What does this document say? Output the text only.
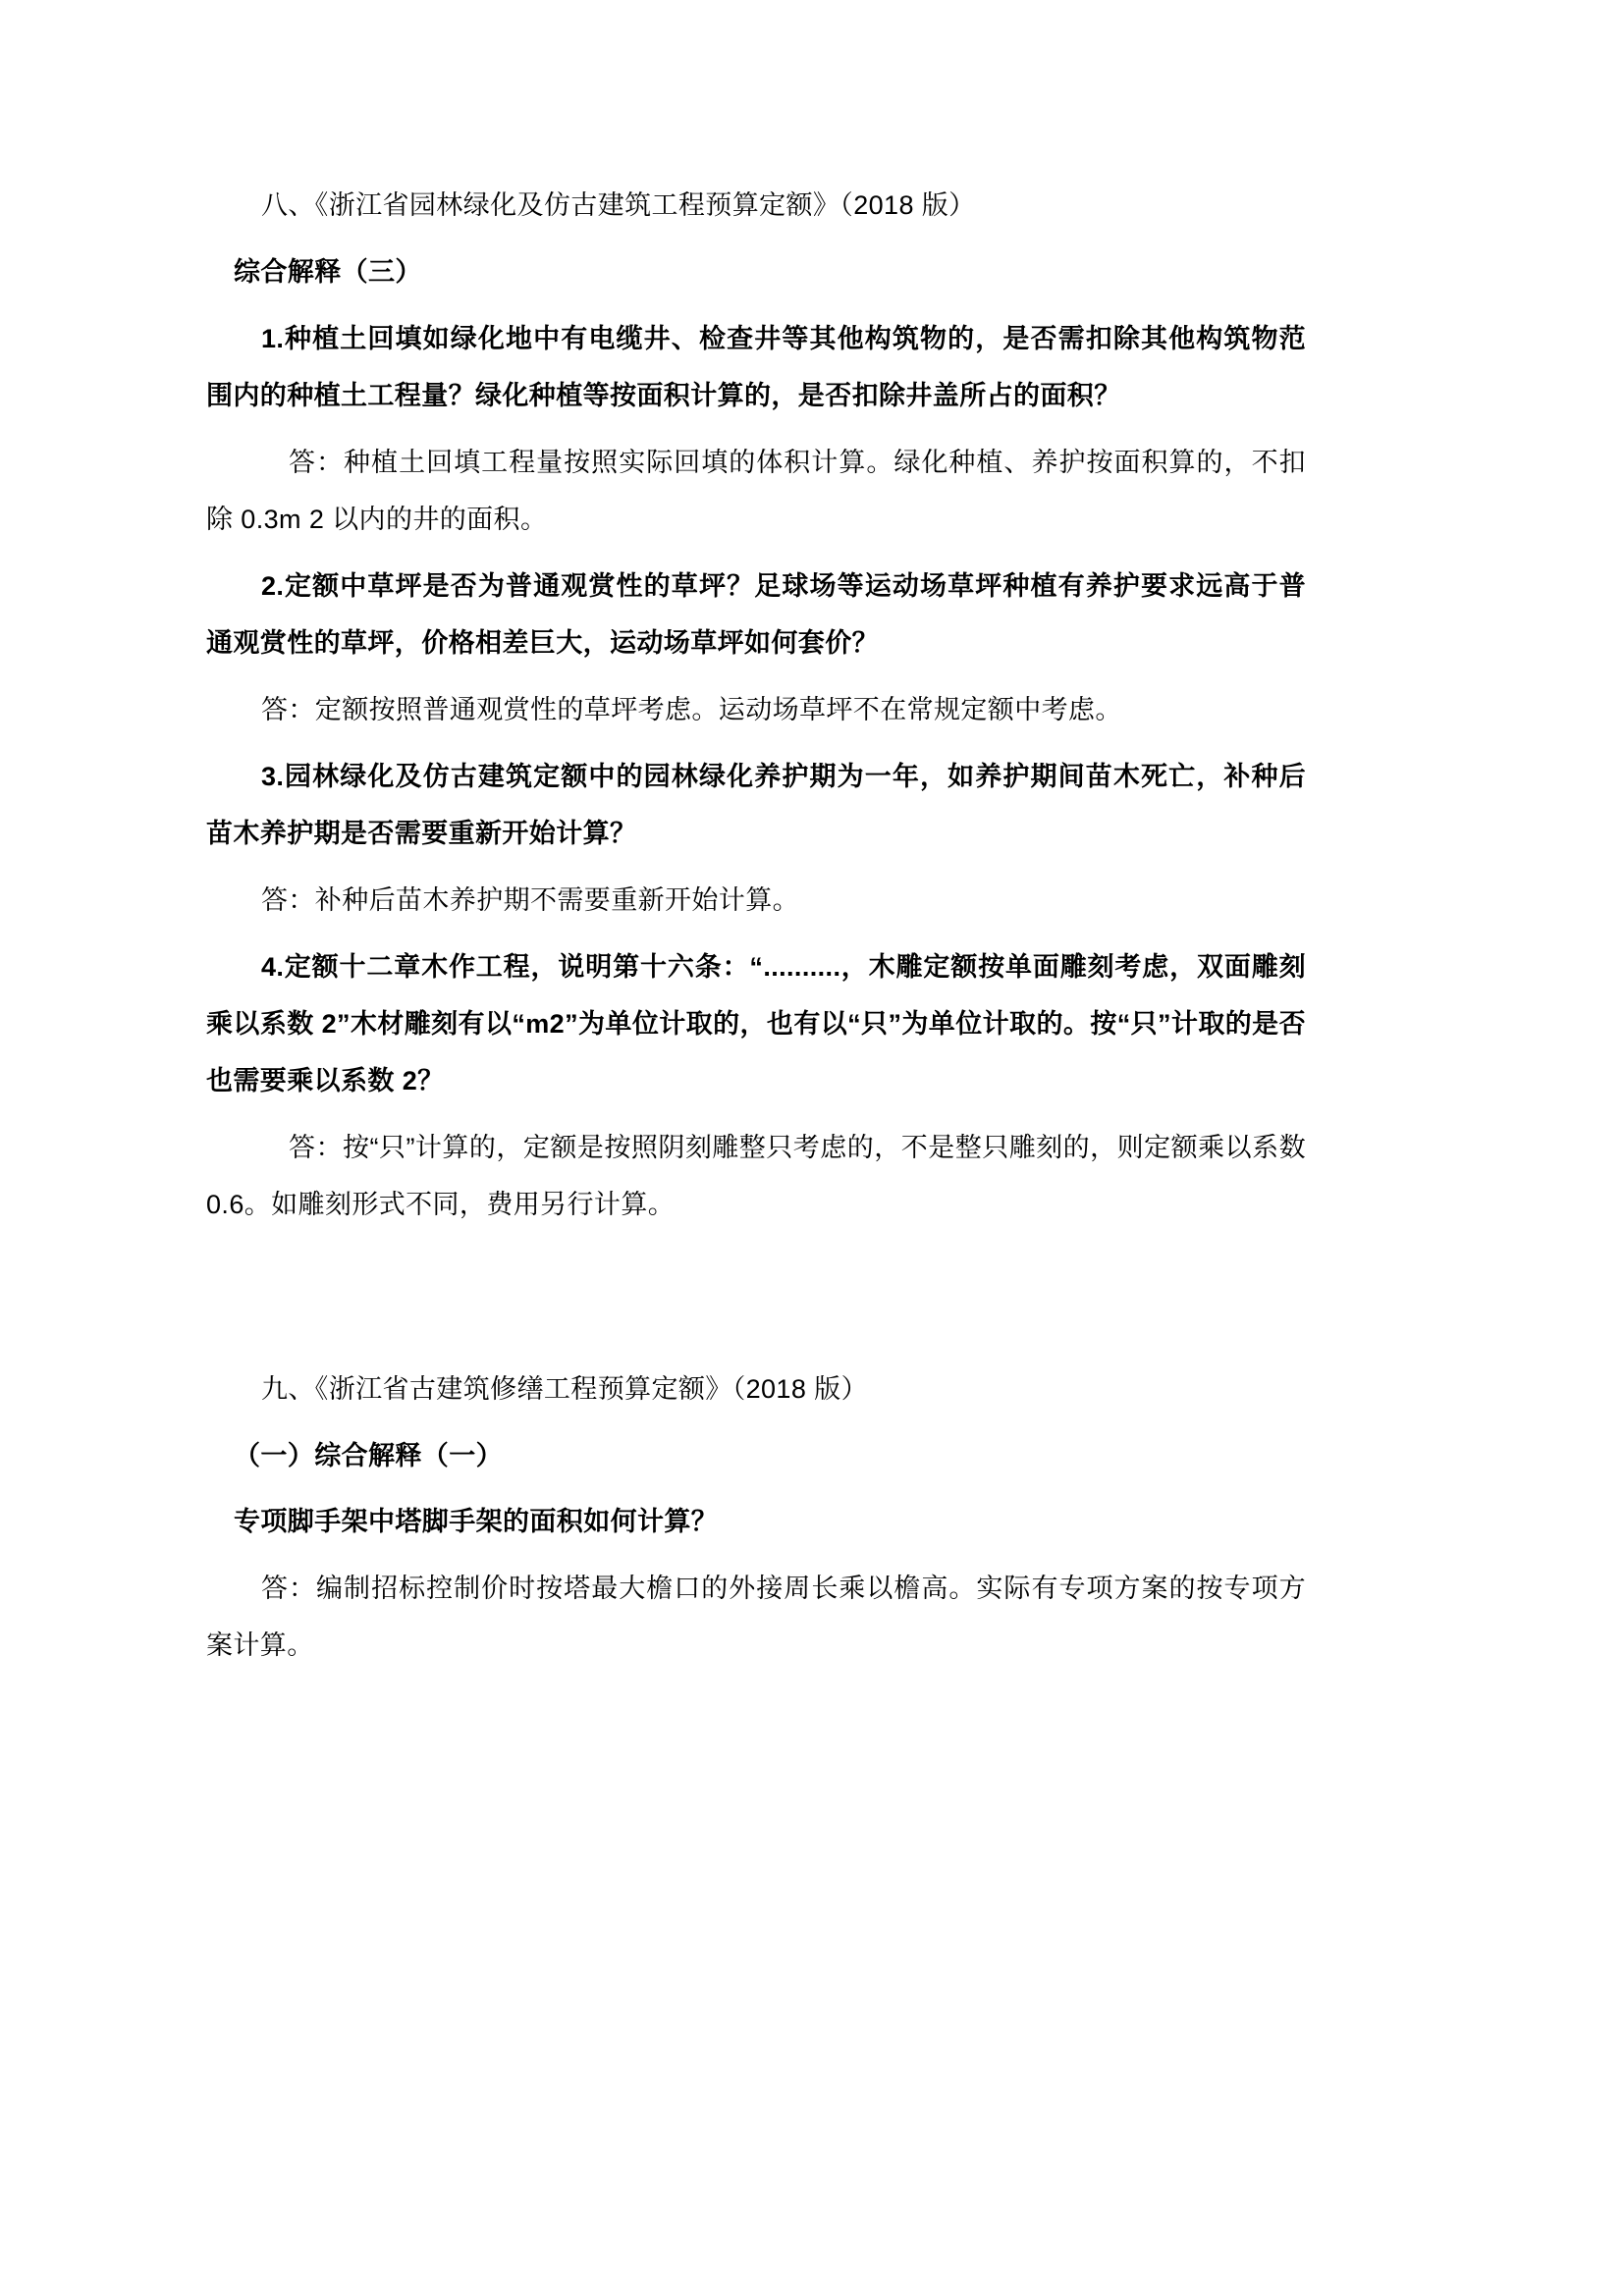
八、《浙江省园林绿化及仿古建筑工程预算定额》（2018 版）

综合解释（三）

1.种植土回填如绿化地中有电缆井、检查井等其他构筑物的，是否需扣除其他构筑物范围内的种植土工程量？绿化种植等按面积计算的，是否扣除井盖所占的面积？

答：种植土回填工程量按照实际回填的体积计算。绿化种植、养护按面积算的，不扣除 0.3m 2 以内的井的面积。

2.定额中草坪是否为普通观赏性的草坪？足球场等运动场草坪种植有养护要求远高于普通观赏性的草坪，价格相差巨大，运动场草坪如何套价？

答：定额按照普通观赏性的草坪考虑。运动场草坪不在常规定额中考虑。

3.园林绿化及仿古建筑定额中的园林绿化养护期为一年，如养护期间苗木死亡，补种后苗木养护期是否需要重新开始计算？

答：补种后苗木养护期不需要重新开始计算。

4.定额十二章木作工程，说明第十六条：“..........，木雕定额按单面雕刻考虑，双面雕刻乘以系数 2”木材雕刻有以“m2”为单位计取的，也有以“只”为单位计取的。按“只”计取的是否也需要乘以系数 2？

答：按“只”计算的，定额是按照阴刻雕整只考虑的，不是整只雕刻的，则定额乘以系数 0.6。如雕刻形式不同，费用另行计算。

九、《浙江省古建筑修缮工程预算定额》（2018 版）

（一）综合解释（一）

专项脚手架中塔脚手架的面积如何计算？

答：编制招标控制价时按塔最大檐口的外接周长乘以檐高。实际有专项方案的按专项方案计算。
